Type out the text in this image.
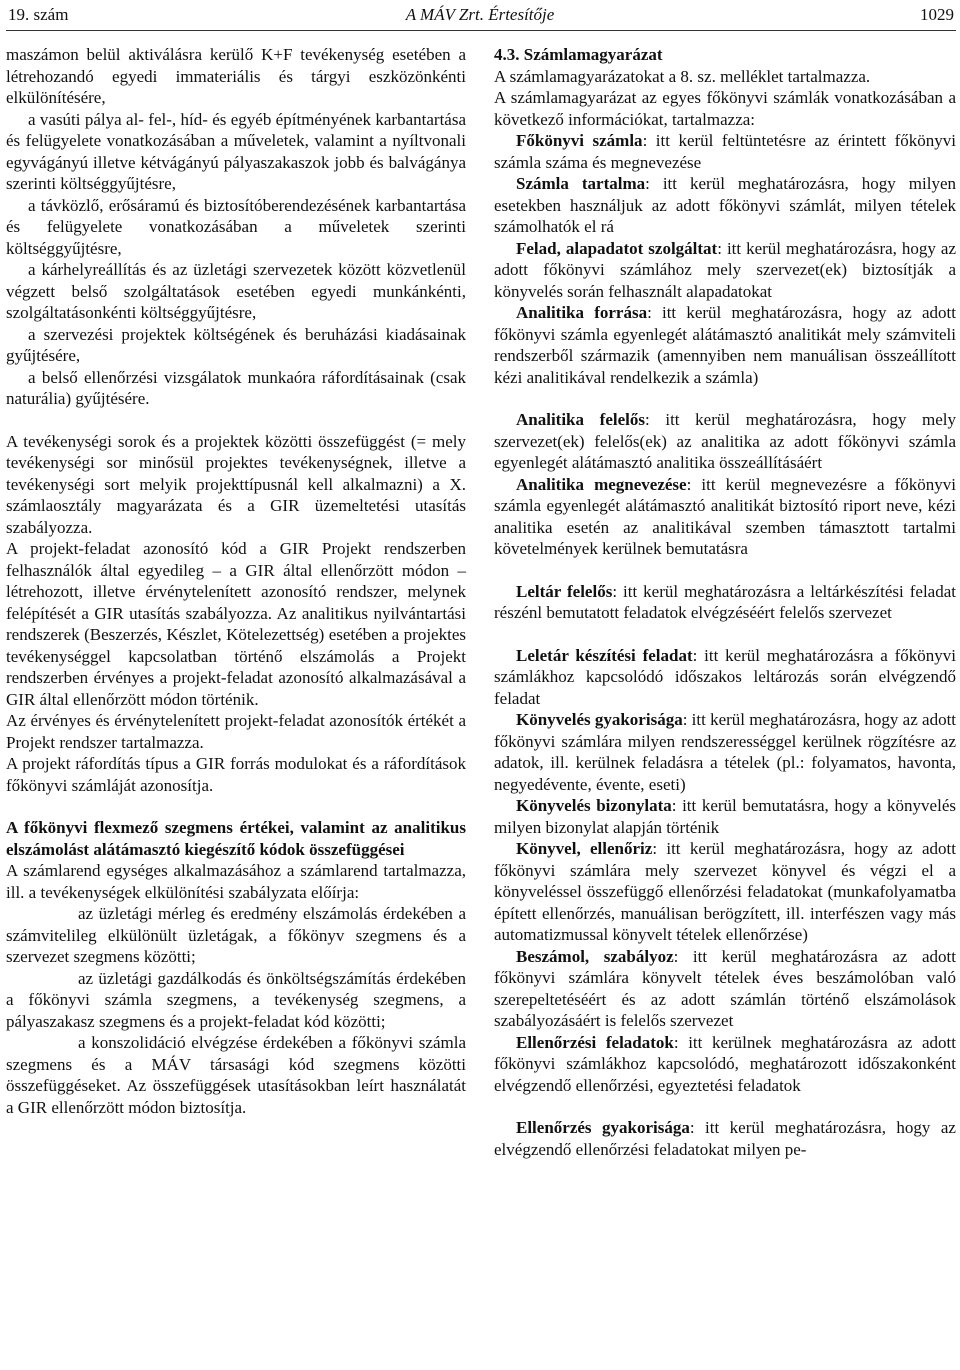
19. szám	A MÁV Zrt. Értesítője	1029

maszámon belül aktiválásra kerülő K+F tevékenység esetében a létrehozandó egyedi immateriális és tárgyi eszközönkénti elkülönítésére,

a vasúti pálya al- fel-, híd- és egyéb építményének karbantartása és felügyelete vonatkozásában a műveletek, valamint a nyíltvonali egyvágányú illetve kétvágányú pályaszakaszok jobb és balvágánya szerinti költséggyűjtésre,

a távközlő, erősáramú és biztosítóberendezésének karbantartása és felügyelete vonatkozásában a műveletek szerinti költséggyűjtésre,

a kárhelyreállítás és az üzletági szervezetek között közvetlenül végzett belső szolgáltatások esetében egyedi munkánkénti, szolgáltatásonkénti költséggyűjtésre,

a szervezési projektek költségének és beruházási kiadásainak gyűjtésére,

a belső ellenőrzési vizsgálatok munkaóra ráfordításainak (csak naturália) gyűjtésére.

A tevékenységi sorok és a projektek közötti összefüggést (= mely tevékenységi sor minősül projektes tevékenységnek, illetve a tevékenységi sort melyik projekttípusnál kell alkalmazni) a X. számlaosztály magyarázata és a GIR üzemeltetési utasítás szabályozza.

A projekt-feladat azonosító kód a GIR Projekt rendszerben felhasználók által egyedileg – a GIR által ellenőrzött módon – létrehozott, illetve érvénytelenített azonosító rendszer, melynek felépítését a GIR utasítás szabályozza. Az analitikus nyilvántartási rendszerek (Beszerzés, Készlet, Kötelezettség) esetében a projektes tevékenységgel kapcsolatban történő elszámolás a Projekt rendszerben érvényes a projekt-feladat azonosító alkalmazásával a GIR által ellenőrzött módon történik.

Az érvényes és érvénytelenített projekt-feladat azonosítók értékét a Projekt rendszer tartalmazza.

A projekt ráfordítás típus a GIR forrás modulokat és a ráfordítások főkönyvi számláját azonosítja.

A főkönyvi flexmező szegmens értékei, valamint az analitikus elszámolást alátámasztó kiegészítő kódok összefüggései

A számlarend egységes alkalmazásához a számlarend tartalmazza, ill. a tevékenységek elkülönítési szabályzata előírja:

az üzletági mérleg és eredmény elszámolás érdekében a számvitelileg elkülönült üzletágak, a főkönyv szegmens és a szervezet szegmens közötti;

az üzletági gazdálkodás és önköltségszámítás érdekében a főkönyvi számla szegmens, a tevékenység szegmens, a pályaszakasz szegmens és a projekt-feladat kód közötti;

a konszolidáció elvégzése érdekében a főkönyvi számla szegmens és a MÁV társasági kód szegmens közötti összefüggéseket. Az összefüggések utasításokban leírt használatát a GIR ellenőrzött módon biztosítja.

4.3. Számlamagyarázat

A számlamagyarázatokat a 8. sz. melléklet tartalmazza.

A számlamagyarázat az egyes főkönyvi számlák vonatkozásában a következő információkat, tartalmazza:

Főkönyvi számla: itt kerül feltüntetésre az érintett főkönyvi számla száma és megnevezése

Számla tartalma: itt kerül meghatározásra, hogy milyen esetekben használjuk az adott főkönyvi számlát, milyen tételek számolhatók el rá

Felad, alapadatot szolgáltat: itt kerül meghatározásra, hogy az adott főkönyvi számlához mely szervezet(ek) biztosítják a könyvelés során felhasznált alapadatokat

Analitika forrása: itt kerül meghatározásra, hogy az adott főkönyvi számla egyenlegét alátámasztó analitikát mely számviteli rendszerből származik (amennyiben nem manuálisan összeállított kézi analitikával rendelkezik a számla)

Analitika felelős: itt kerül meghatározásra, hogy mely szervezet(ek) felelős(ek) az analitika az adott főkönyvi számla egyenlegét alátámasztó analitika összeállításáért

Analitika megnevezése: itt kerül megnevezésre a főkönyvi számla egyenlegét alátámasztó analitikát biztosító riport neve, kézi analitika esetén az analitikával szemben támasztott tartalmi követelmények kerülnek bemutatásra

Leltár felelős: itt kerül meghatározásra a leltárkészítési feladat részénl bemutatott feladatok elvégzéséért felelős szervezet

Leletár készítési feladat: itt kerül meghatározásra a főkönyvi számlákhoz kapcsolódó időszakos leltározás során elvégzendő feladat

Könyvelés gyakorisága: itt kerül meghatározásra, hogy az adott főkönyvi számlára milyen rendszerességgel kerülnek rögzítésre az adatok, ill. kerülnek feladásra a tételek (pl.: folyamatos, havonta, negyedévente, évente, eseti)

Könyvelés bizonylata: itt kerül bemutatásra, hogy a könyvelés milyen bizonylat alapján történik

Könyvel, ellenőriz: itt kerül meghatározásra, hogy az adott főkönyvi számlára mely szervezet könyvel és végzi el a könyveléssel összefüggő ellenőrzési feladatokat (munkafolyamatba épített ellenőrzés, manuálisan berögzített, ill. interfészen vagy más automatizmussal könyvelt tételek ellenőrzése)

Beszámol, szabályoz: itt kerül meghatározásra az adott főkönyvi számlára könyvelt tételek éves beszámolóban való szerepeltetéséért és az adott számlán történő elszámolások szabályozásáért is felelős szervezet

Ellenőrzési feladatok: itt kerülnek meghatározásra az adott főkönyvi számlákhoz kapcsolódó, meghatározott időszakonként elvégzendő ellenőrzési, egyeztetési feladatok

Ellenőrzés gyakorisága: itt kerül meghatározásra, hogy az elvégzendő ellenőrzési feladatokat milyen pe-
